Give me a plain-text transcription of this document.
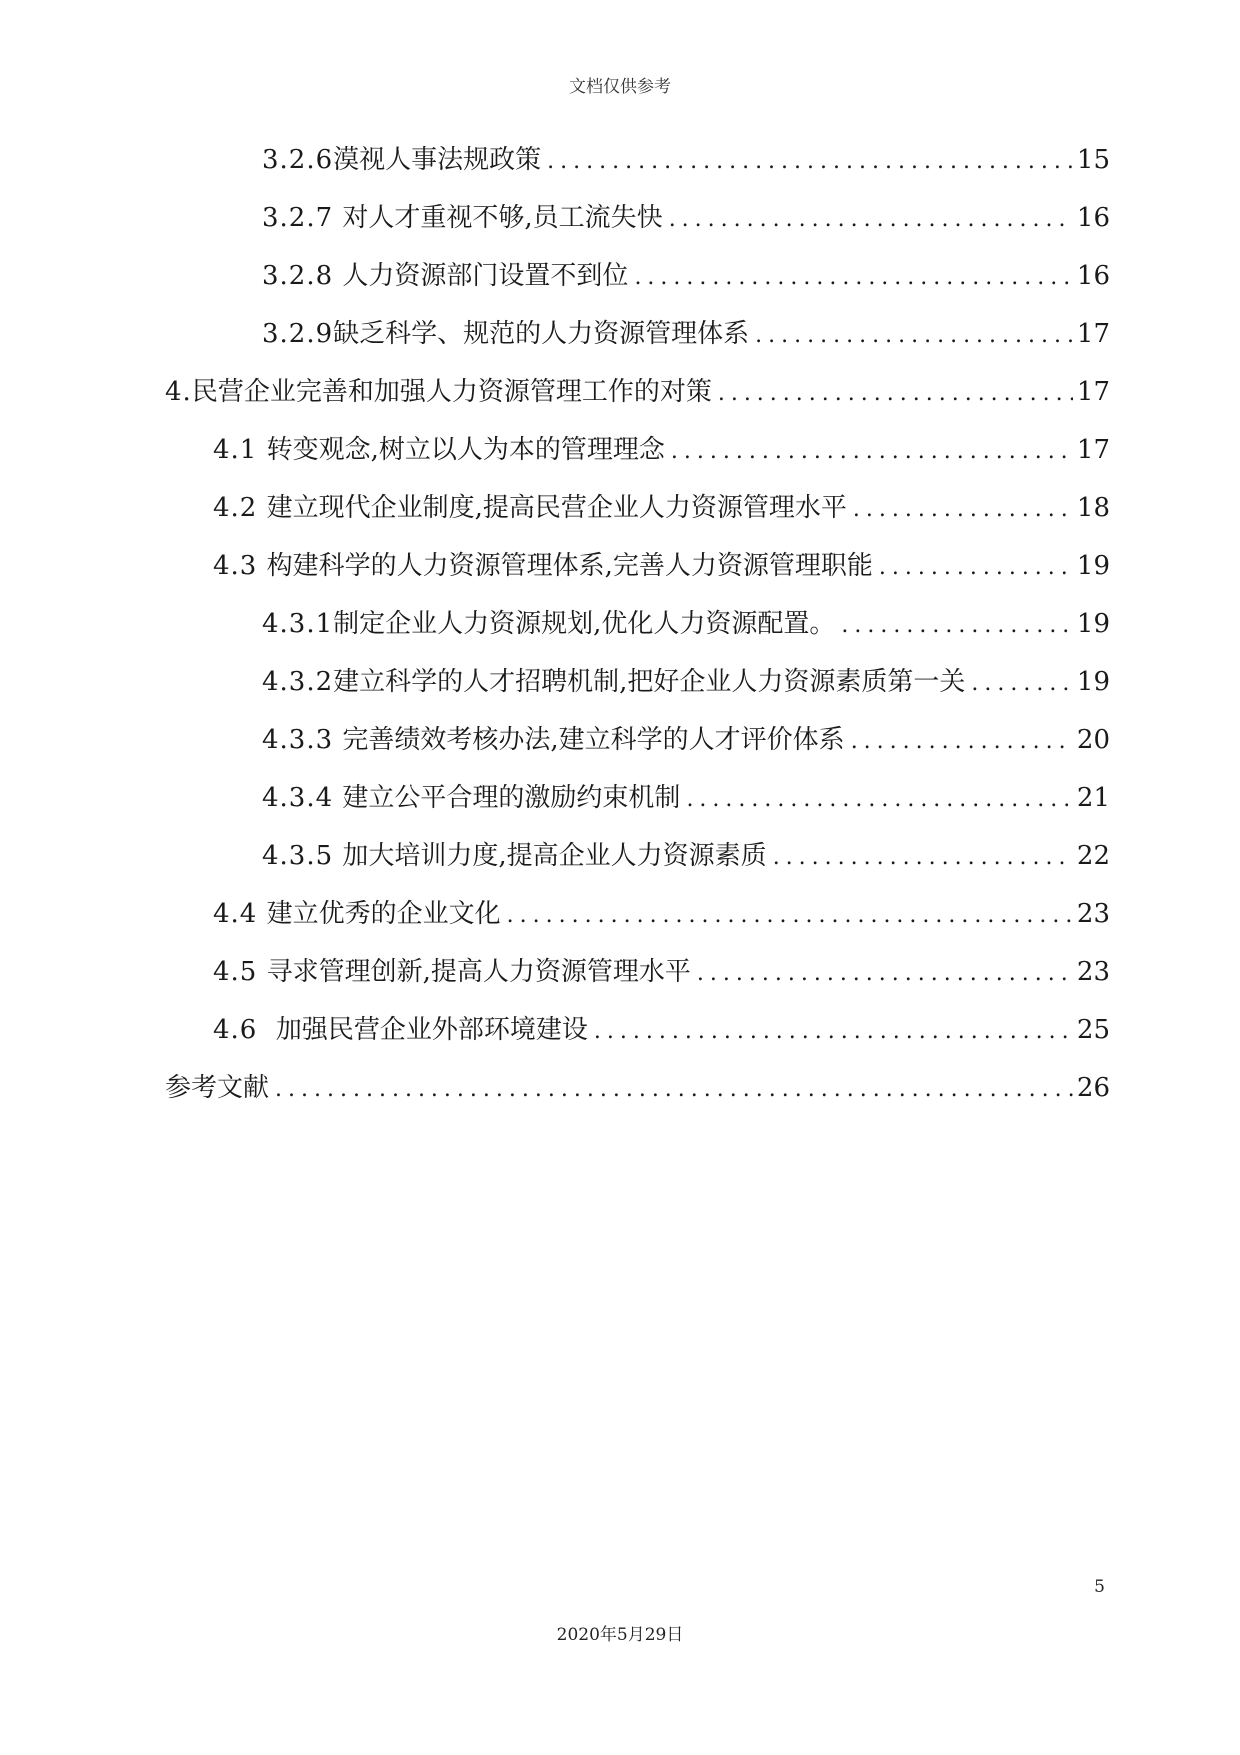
文档仅供参考
3.2.6 漠视人事法规政策 .....	15
3.2.7 对人才重视不够,员工流失快 .....	16
3.2.8 人力资源部门设置不到位 .....	16
3.2.9 缺乏科学、规范的人力资源管理体系 .....	17
4. 民营企业完善和加强人力资源管理工作的对策 .....	17
4.1 转变观念,树立以人为本的管理理念 .....	17
4.2 建立现代企业制度,提高民营企业人力资源管理水平 .....	18
4.3 构建科学的人力资源管理体系,完善人力资源管理职能 .....	19
4.3.1 制定企业人力资源规划,优化人力资源配置。 .....	19
4.3.2 建立科学的人才招聘机制,把好企业人力资源素质第一关 .....	19
4.3.3 完善绩效考核办法,建立科学的人才评价体系 .....	20
4.3.4 建立公平合理的激励约束机制 .....	21
4.3.5 加大培训力度,提高企业人力资源素质 .....	22
4.4 建立优秀的企业文化 .....	23
4.5 寻求管理创新,提高人力资源管理水平 .....	23
4.6 加强民营企业外部环境建设 .....	25
参考文献 .....	26
5
2020年5月29日
